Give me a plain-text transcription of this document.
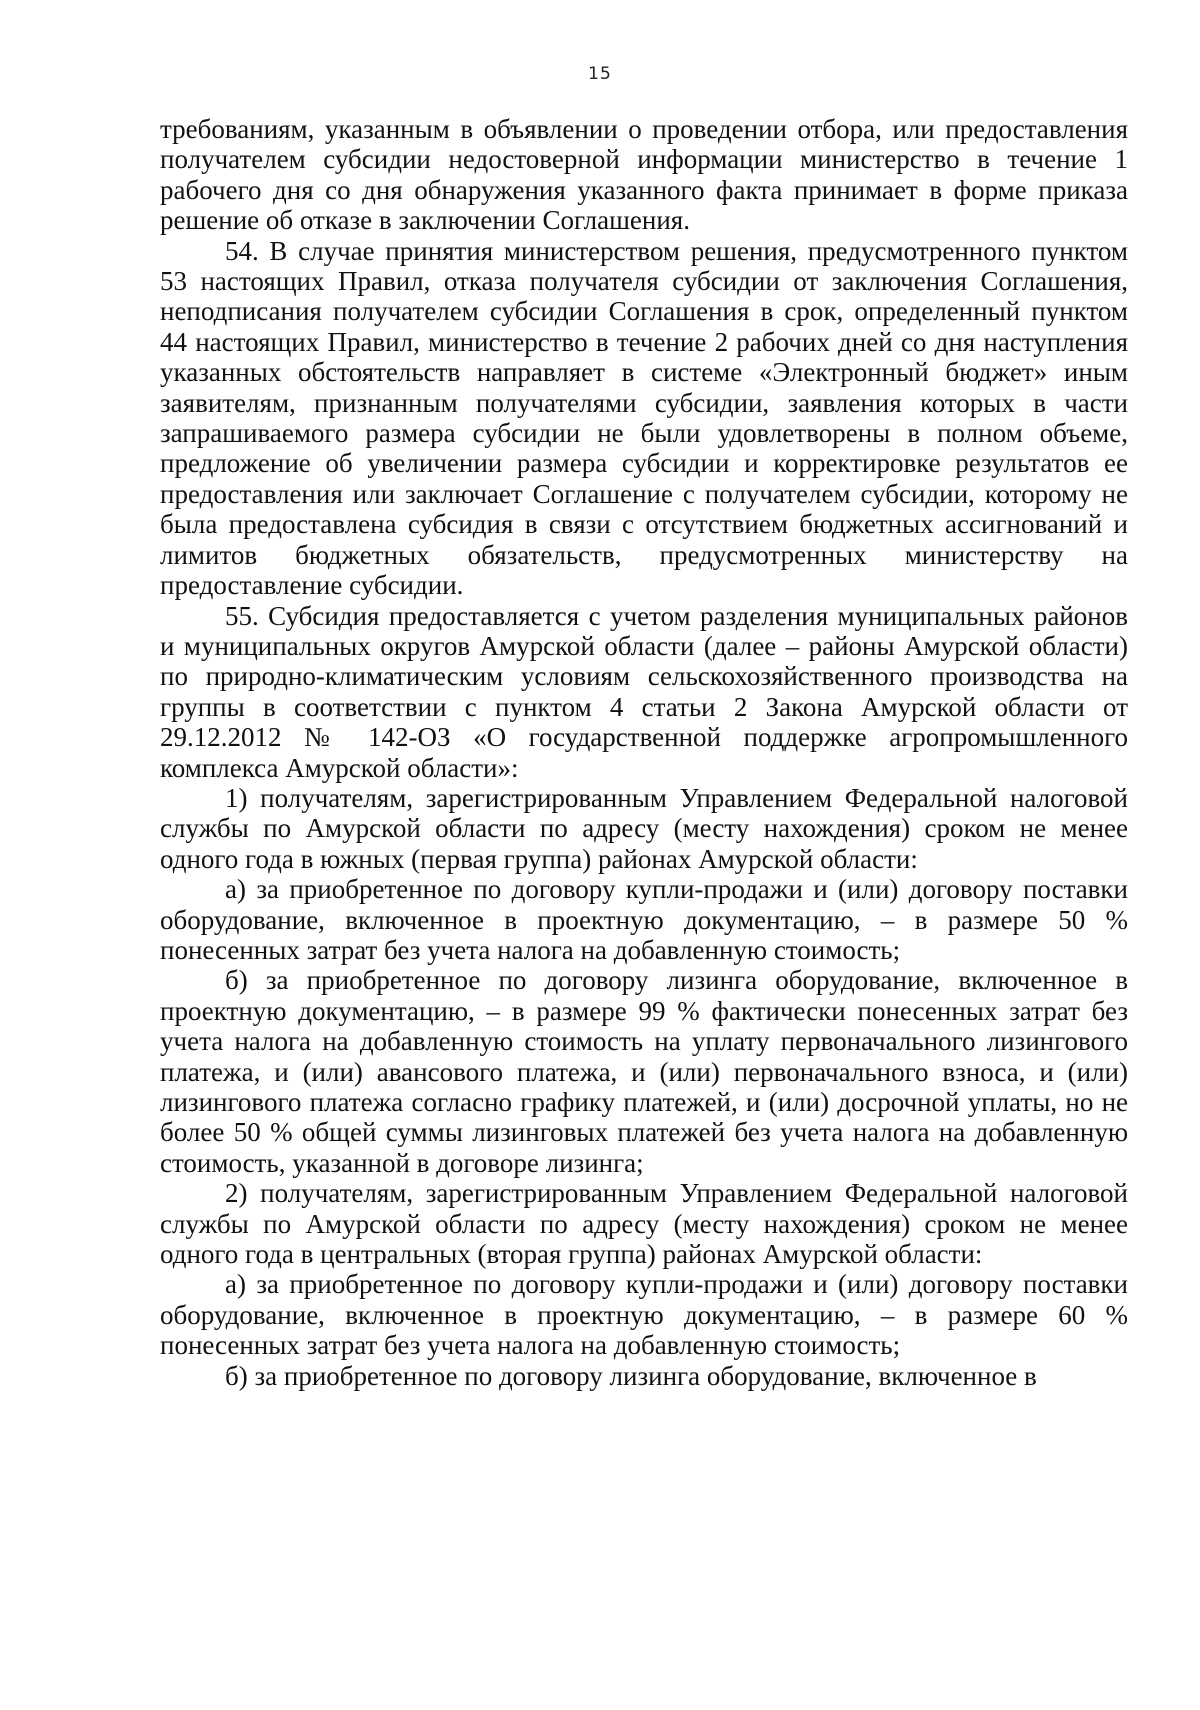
15

требованиям, указанным в объявлении о проведении отбора, или предоставления получателем субсидии недостоверной информации министерство в течение 1 рабочего дня со дня обнаружения указанного факта принимает в форме приказа решение об отказе в заключении Соглашения.

54. В случае принятия министерством решения, предусмотренного пунктом 53 настоящих Правил, отказа получателя субсидии от заключения Соглашения, неподписания получателем субсидии Соглашения в срок, определенный пунктом 44 настоящих Правил, министерство в течение 2 рабочих дней со дня наступления указанных обстоятельств направляет в системе «Электронный бюджет» иным заявителям, признанным получателями субсидии, заявления которых в части запрашиваемого размера субсидии не были удовлетворены в полном объеме, предложение об увеличении размера субсидии и корректировке результатов ее предоставления или заключает Соглашение с получателем субсидии, которому не была предоставлена субсидия в связи с отсутствием бюджетных ассигнований и лимитов бюджетных обязательств, предусмотренных министерству на предоставление субсидии.

55. Субсидия предоставляется с учетом разделения муниципальных районов и муниципальных округов Амурской области (далее – районы Амурской области) по природно-климатическим условиям сельскохозяйственного производства на группы в соответствии с пунктом 4 статьи 2 Закона Амурской области от 29.12.2012 № 142-ОЗ «О государственной поддержке агропромышленного комплекса Амурской области»:

1) получателям, зарегистрированным Управлением Федеральной налоговой службы по Амурской области по адресу (месту нахождения) сроком не менее одного года в южных (первая группа) районах Амурской области:

а) за приобретенное по договору купли-продажи и (или) договору поставки оборудование, включенное в проектную документацию, – в размере 50 % понесенных затрат без учета налога на добавленную стоимость;

б) за приобретенное по договору лизинга оборудование, включенное в проектную документацию, – в размере 99 % фактически понесенных затрат без учета налога на добавленную стоимость на уплату первоначального лизингового платежа, и (или) авансового платежа, и (или) первоначального взноса, и (или) лизингового платежа согласно графику платежей, и (или) досрочной уплаты, но не более 50 % общей суммы лизинговых платежей без учета налога на добавленную стоимость, указанной в договоре лизинга;

2) получателям, зарегистрированным Управлением Федеральной налоговой службы по Амурской области по адресу (месту нахождения) сроком не менее одного года в центральных (вторая группа) районах Амурской области:

а) за приобретенное по договору купли-продажи и (или) договору поставки оборудование, включенное в проектную документацию, – в размере 60 % понесенных затрат без учета налога на добавленную стоимость;

б) за приобретенное по договору лизинга оборудование, включенное в
